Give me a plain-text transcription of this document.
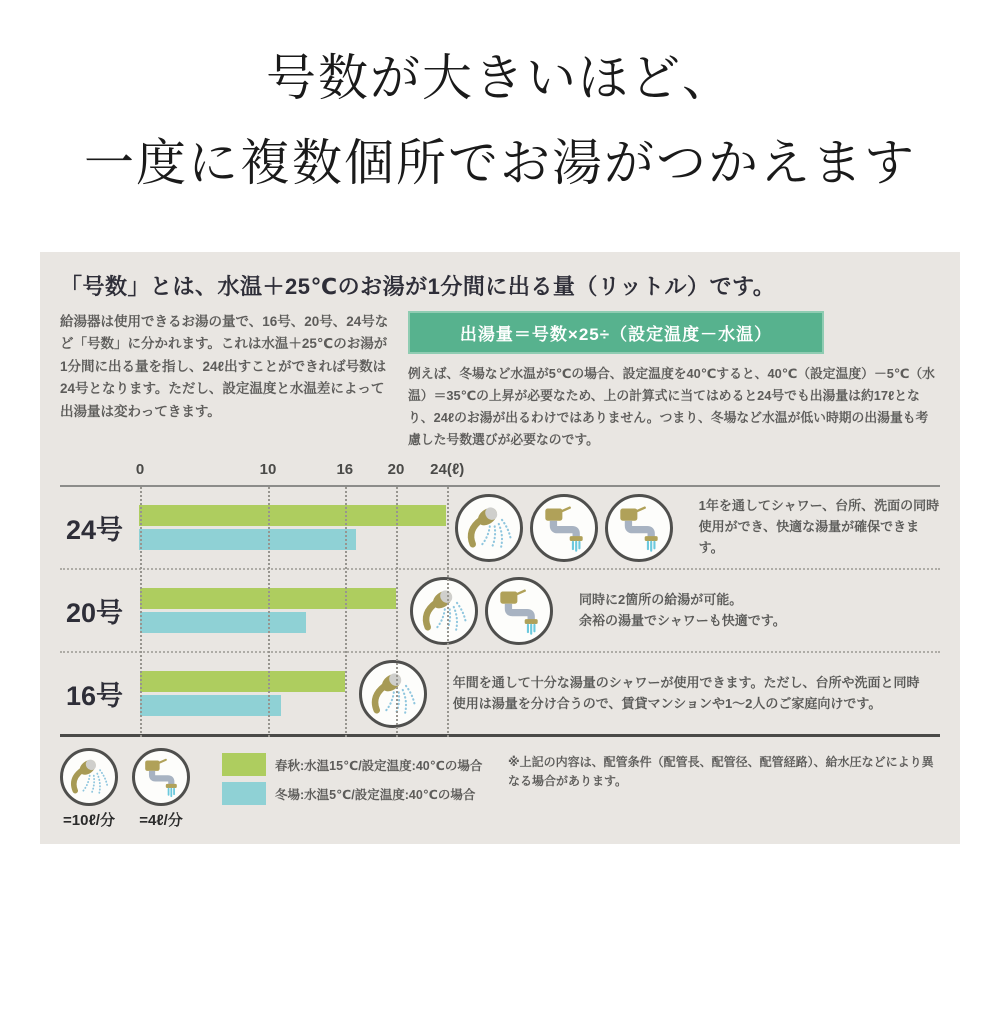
号数が大きいほど、
一度に複数個所でお湯がつかえます
「号数」とは、水温＋25℃のお湯が1分間に出る量（リットル）です。
給湯器は使用できるお湯の量で、16号、20号、24号など「号数」に分かれます。これは水温＋25℃のお湯が1分間に出る量を指し、24ℓ出すことができれば号数は24号となります。ただし、設定温度と水温差によって出湯量は変わってきます。
出湯量＝号数×25÷（設定温度－水温）
例えば、冬場など水温が5℃の場合、設定温度を40℃すると、40℃（設定温度）－5℃（水温）＝35℃の上昇が必要なため、上の計算式に当てはめると24号でも出湯量は約17ℓとなり、24ℓのお湯が出るわけではありません。つまり、冬場など水温が低い時期の出湯量も考慮した号数選びが必要なのです。
0	10	16 20 24(ℓ)
24号
1年を通してシャワー、台所、洗面の同時
使用ができ、快適な湯量が確保できます。
20号	同時に2箇所の給湯が可能。
余裕の湯量でシャワーも快適です。
16号	年間を通して十分な湯量のシャワーが使用できます。ただし、台所や洗面と同時
使用は湯量を分け合うので、賃貸マンションや1～2人のご家庭向けです。
=10ℓ/分	=4ℓ/分
春秋:水温15℃/設定温度:40℃の場合
冬場:水温5℃/設定温度:40℃の場合
※上記の内容は、配管条件（配管長、配管径、配管経路）、給水圧などにより異なる場合があります。
